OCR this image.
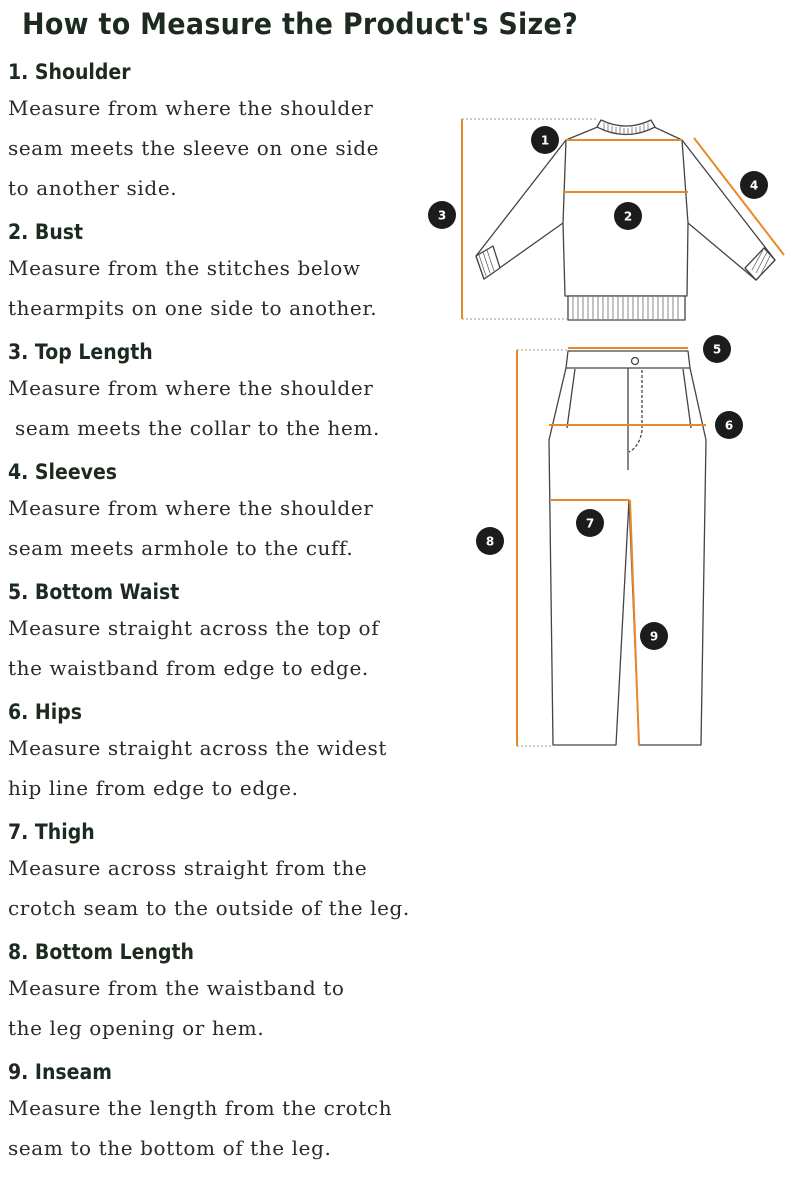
How to Measure the Product's Size?
1. Shoulder
Measure from where the shoulder
seam meets the sleeve on one side
to another side.
2. Bust
Measure from the stitches below
thearmpits on one side to another.
3. Top Length
Measure from where the shoulder
seam meets the collar to the hem.
4. Sleeves
Measure from where the shoulder
seam meets armhole to the cuff.
5. Bottom Waist
Measure straight across the top of
the waistband from edge to edge.
6. Hips
Measure straight across the widest
hip line from edge to edge.
7. Thigh
Measure across straight from the
crotch seam to the outside of the leg.
8. Bottom Length
Measure from the waistband to
the leg opening or hem.
9. Inseam
Measure the length from the crotch
seam to the bottom of the leg.
1
2
3
4
5
6
7
8
9
